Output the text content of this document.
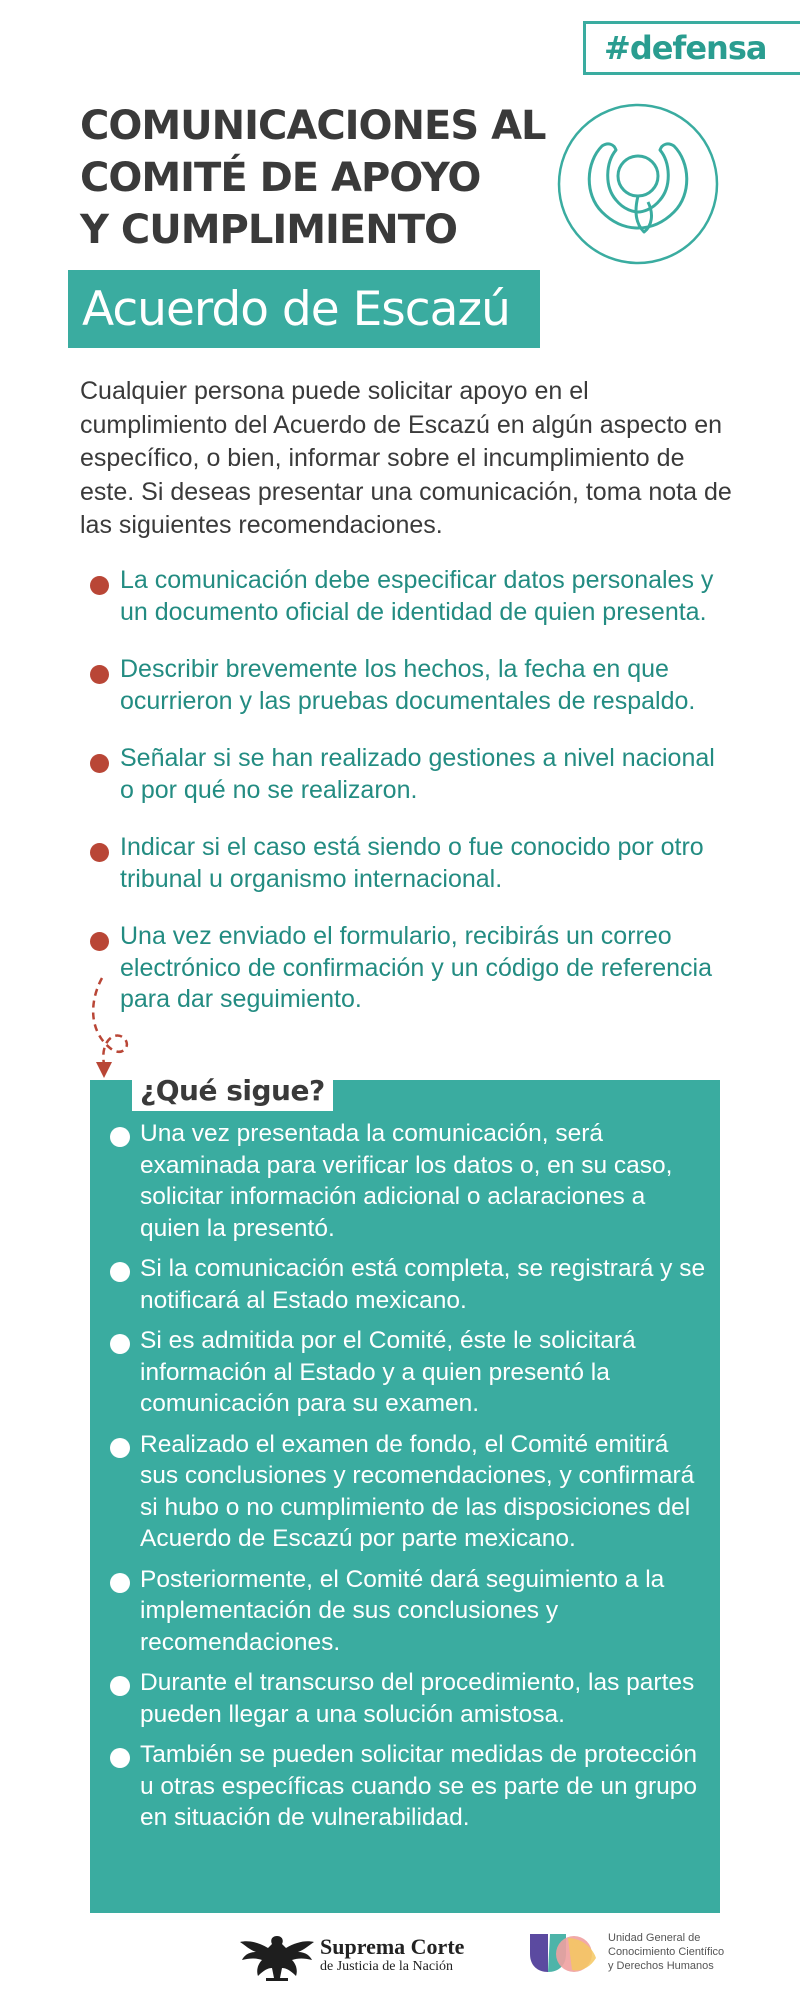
#defensa
COMUNICACIONES AL
COMITÉ DE APOYO
Y CUMPLIMIENTO
Acuerdo de Escazú

Cualquier persona puede solicitar apoyo en el cumplimiento del Acuerdo de Escazú en algún aspecto en específico, o bien, informar sobre el incumplimiento de este. Si deseas presentar una comunicación, toma nota de las siguientes recomendaciones.

La comunicación debe especificar datos personales y un documento oficial de identidad de quien presenta.
Describir brevemente los hechos, la fecha en que ocurrieron y las pruebas documentales de respaldo.
Señalar si se han realizado gestiones a nivel nacional o por qué no se realizaron.
Indicar si el caso está siendo o fue conocido por otro tribunal u organismo internacional.
Una vez enviado el formulario, recibirás un correo electrónico de confirmación y un código de referencia para dar seguimiento.
¿Qué sigue?
Una vez presentada la comunicación, será examinada para verificar los datos o, en su caso, solicitar información adicional o aclaraciones a quien la presentó.
Si la comunicación está completa, se registrará y se notificará al Estado mexicano.
Si es admitida por el Comité, éste le solicitará información al Estado y a quien presentó la comunicación para su examen.
Realizado el examen de fondo, el Comité emitirá sus conclusiones y recomendaciones, y confirmará si hubo o no cumplimiento de las disposiciones del Acuerdo de Escazú por parte mexicano.
Posteriormente, el Comité dará seguimiento a la implementación de sus conclusiones y recomendaciones.
Durante el transcurso del procedimiento, las partes pueden llegar a una solución amistosa.
También se pueden solicitar medidas de protección u otras específicas cuando se es parte de un grupo en situación de vulnerabilidad.
Suprema Corte
de Justicia de la Nación
Unidad General de
Conocimiento Científico
y Derechos Humanos
